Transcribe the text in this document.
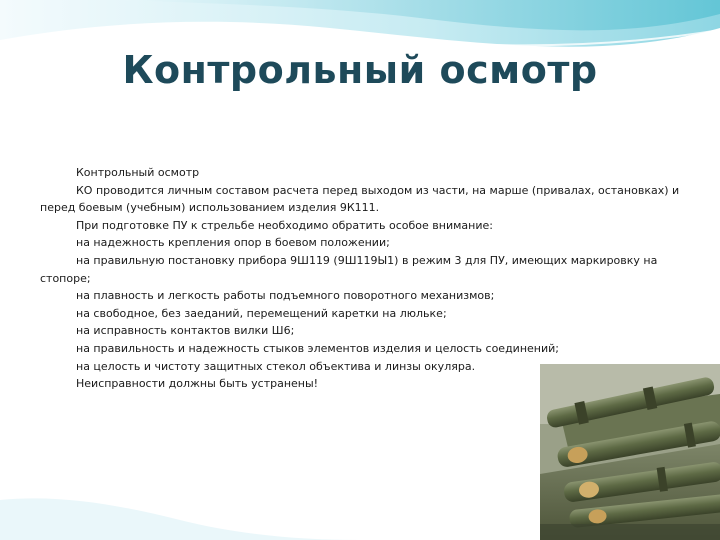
Контрольный осмотр

Контрольный осмотр

КО проводится личным составом расчета перед выходом из части, на марше (привалах, остановках) и перед боевым (учебным) использованием изделия 9К111.

При подготовке ПУ к стрельбе необходимо обратить особое внимание:

на надежность крепления опор в боевом положении;

на правильную постановку прибора 9Ш119 (9Ш119Ы1) в режим 3 для ПУ, имеющих маркировку на стопоре;

на плавность и легкость работы подъемного поворотного механизмов;

на свободное, без заеданий, перемещений каретки на люльке;

на исправность контактов вилки Ш6;

на правильность и надежность стыков элементов изделия и целость соединений;

на целость и чистоту защитных стекол объектива и линзы окуляра.

Неисправности должны быть устранены!
